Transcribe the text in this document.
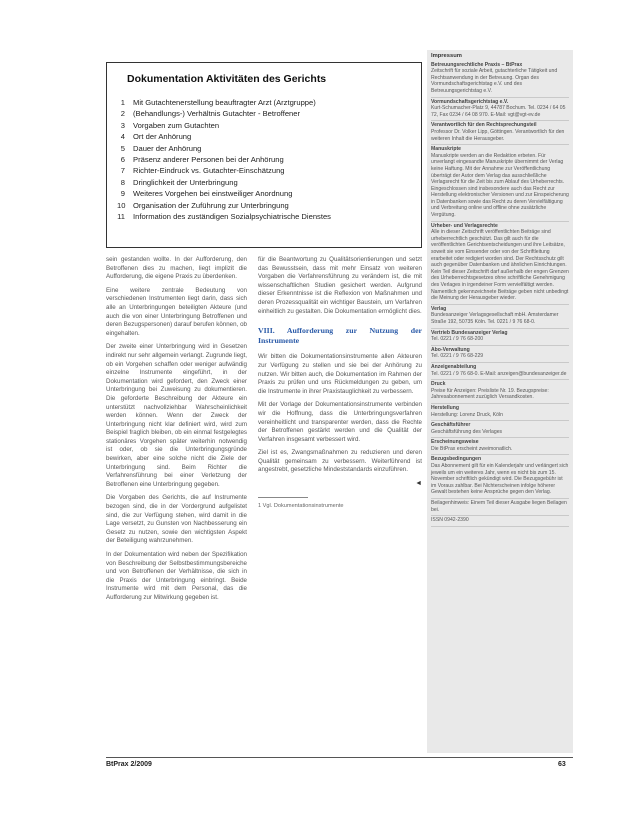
Dokumentation Aktivitäten des Gerichts
1	Mit Gutachtenerstellung beauftragter Arzt (Arztgruppe)
2	(Behandlungs-) Verhältnis Gutachter - Betroffener
3	Vorgaben zum Gutachten
4	Ort der Anhörung
5	Dauer der Anhörung
6	Präsenz anderer Personen bei der Anhörung
7	Richter-Eindruck vs. Gutachter-Einschätzung
8	Dringlichkeit der Unterbringung
9	Weiteres Vorgehen bei einstweiliger Anordnung
10 Organisation der Zuführung zur Unterbringung
11	Information des zuständigen Sozialpsychiatrische Dienstes

sein gestanden wollte. In der Aufforderung, den Betroffenen dies zu machen, liegt implizit die Aufforderung, die eigene Praxis zu überdenken.

Eine weitere zentrale Bedeutung von verschiedenen Instrumenten liegt darin, dass sich alle an Unterbringungen beteiligten Akteure (und auch die von einer Unterbringung Betroffenen und deren Bezugspersonen) darauf berufen können, ob eingehalten.

Der zweite einer Unterbringung wird in Gesetzen indirekt nur sehr allgemein verlangt. Zugrunde liegt, ob ein Vorgehen schaffen oder weniger aufwändig einzelne Instrumente eingeführt, in der Dokumentation wird gefordert, den Zweck einer Unterbringung bei Zuweisung zu dokumentieren. Die geforderte Beschreibung der Akteure ein unterstützt nachvollziehbar Wahrscheinlichkeit werden können. Wenn der Zweck der Unterbringung nicht klar definiert wird, wird zum Beispiel fraglich bleiben, ob ein einmal festgelegtes stationäres Vorgehen später weiterhin notwendig ist oder, ob sie die Unterbringungsgründe bewirken, aber eine solche nicht die Ziele der Unterbringung sind. Beim Richter die Verfahrensführung bei einer Verletzung der Betroffenen eine Unterbringung gegeben.

Die Vorgaben des Gerichts, die auf Instrumente bezogen sind, die in der Vordergrund aufgelistet sind, die zur Verfügung stehen, wird damit in die Lage versetzt, zu Gunsten von Nachbesserung ein Gesetz zu nutzen, sowie den wichtigsten Aspekt der Beteiligung wahrzunehmen.

In der Dokumentation wird neben der Spezifikation von Beschreibung der Selbstbestimmungsbereiche und von Betroffenen der Verhältnisse, die sich in die Praxis der Unterbringung einbringt. Beide Instrumente wird mit dem Personal, das die Aufforderung zur Mitwirkung gegeben ist.

für die Beantwortung zu Qualitätsorientierungen und setzt das Bewusstsein, dass mit mehr Einsatz von weiteren Vorgaben die Verfahrensführung zu verändern ist, die mit wissenschaftlichen Studien gesichert werden. Aufgrund dieser Erkenntnisse ist die Reflexion von Maßnahmen und deren Prozessqualität ein wichtiger Baustein, um Verfahren einheitlich zu gestalten. Die Dokumentation ermöglicht dies.

VIII. Aufforderung zur Nutzung der Instrumente

Wir bitten die Dokumentationsinstrumente allen Akteuren zur Verfügung zu stellen und sie bei der Anhörung zu nutzen. Wir bitten auch, die Dokumentation im Rahmen der Praxis zu prüfen und uns Rückmeldungen zu geben, um die Instrumente in ihrer Praxistauglichkeit zu verbessern.

Mit der Vorlage der Dokumentationsinstrumente verbinden wir die Hoffnung, dass die Unterbringungsverfahren vereinheitlicht und transparenter werden, dass die Rechte der Betroffenen gestärkt werden und die Qualität der Verfahren insgesamt verbessert wird.

Ziel ist es, Zwangsmaßnahmen zu reduzieren und deren Qualität gemeinsam zu verbessern. Weiterführend ist angestrebt, gesetzliche Mindeststandards einzuführen.

◄
1 Vgl. Dokumentationsinstrumente
Impressum
Betreuungsrechtliche Praxis – BtPrax
Zeitschrift für soziale Arbeit, gutachterliche Tätigkeit und Rechtsanwendung in der Betreuung. Organ des Vormundschaftsgerichtstag e.V. und des Betreuungsgerichtstag e.V.
Vormundschaftsgerichtstag e.V.
Kurt-Schumacher-Platz 9, 44787 Bochum. Tel. 0234 / 64 05 72, Fax 0234 / 64 08 970. E-Mail: vgt@vgt-ev.de
Verantwortlich für den Rechtsprechungsteil
Professor Dr. Volker Lipp, Göttingen. Verantwortlich für den weiteren Inhalt die Herausgeber.
Manuskripte
Manuskripte werden an die Redaktion erbeten. Für unverlangt eingesandte Manuskripte übernimmt der Verlag keine Haftung. Mit der Annahme zur Veröffentlichung überträgt der Autor dem Verlag das ausschließliche Verlagsrecht für die Zeit bis zum Ablauf des Urheberrechts. Eingeschlossen sind insbesondere auch das Recht zur Herstellung elektronischer Versionen und zur Einspeicherung in Datenbanken sowie das Recht zu deren Vervielfältigung und Verbreitung online und offline ohne zusätzliche Vergütung.
Urheber- und Verlagsrechte
Alle in dieser Zeitschrift veröffentlichten Beiträge sind urheberrechtlich geschützt. Das gilt auch für die veröffentlichten Gerichtsentscheidungen und ihre Leitsätze, soweit sie vom Einsender oder von der Schriftleitung erarbeitet oder redigiert worden sind. Der Rechtsschutz gilt auch gegenüber Datenbanken und ähnlichen Einrichtungen. Kein Teil dieser Zeitschrift darf außerhalb der engen Grenzen des Urheberrechtsgesetzes ohne schriftliche Genehmigung des Verlages in irgendeiner Form vervielfältigt werden. Namentlich gekennzeichnete Beiträge geben nicht unbedingt die Meinung der Herausgeber wieder.
Verlag
Bundesanzeiger Verlagsgesellschaft mbH. Amsterdamer Straße 192, 50735 Köln. Tel. 0221 / 9 76 68-0.
Vertrieb Bundesanzeiger Verlag
Tel. 0221 / 9 76 68-200
Abo-Verwaltung
Tel. 0221 / 9 76 68-229
Anzeigenabteilung
Tel. 0221 / 9 76 68-0. E-Mail: anzeigen@bundesanzeiger.de
Druck
Preise für Anzeigen: Preisliste Nr. 19. Bezugspreise: Jahresabonnement zuzüglich Versandkosten.
Herstellung
Herstellung: Lorenz Druck, Köln
Geschäftsführer
Geschäftsführung des Verlages
Erscheinungsweise
Die BtPrax erscheint zweimonatlich.
Bezugsbedingungen
Das Abonnement gilt für ein Kalenderjahr und verlängert sich jeweils um ein weiteres Jahr, wenn es nicht bis zum 15. November schriftlich gekündigt wird. Die Bezugsgebühr ist im Voraus zahlbar. Bei Nichterscheinen infolge höherer Gewalt bestehen keine Ansprüche gegen den Verlag.
Beilagenhinweis: Einem Teil dieser Ausgabe liegen Beilagen bei.
ISSN 0942-2390
BtPrax 2/2009	63
